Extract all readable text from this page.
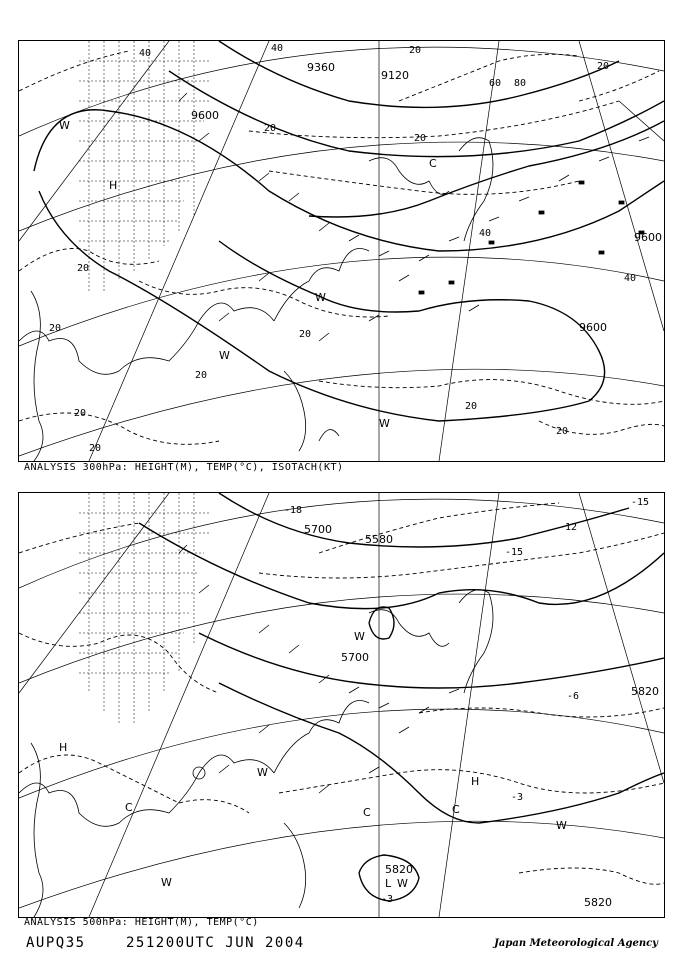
9360
9120
9600
9600
9600
20
40	40
60 80
20
20
20
40
20
20
20
20
20
20
20
20
40
W
H
W
C
W
W
ANALYSIS 300hPa: HEIGHT(M), TEMP(°C), ISOTACH(KT)
5700
5580
5700
5820
5820
5820
-15
-12
-18
-15
-6
-3
-3
H
C
W
W
C	C
W
H
L W
W
ANALYSIS 500hPa: HEIGHT(M), TEMP(°C)
AUPQ35	251200UTC JUN 2004	Japan Meteorological Agency
